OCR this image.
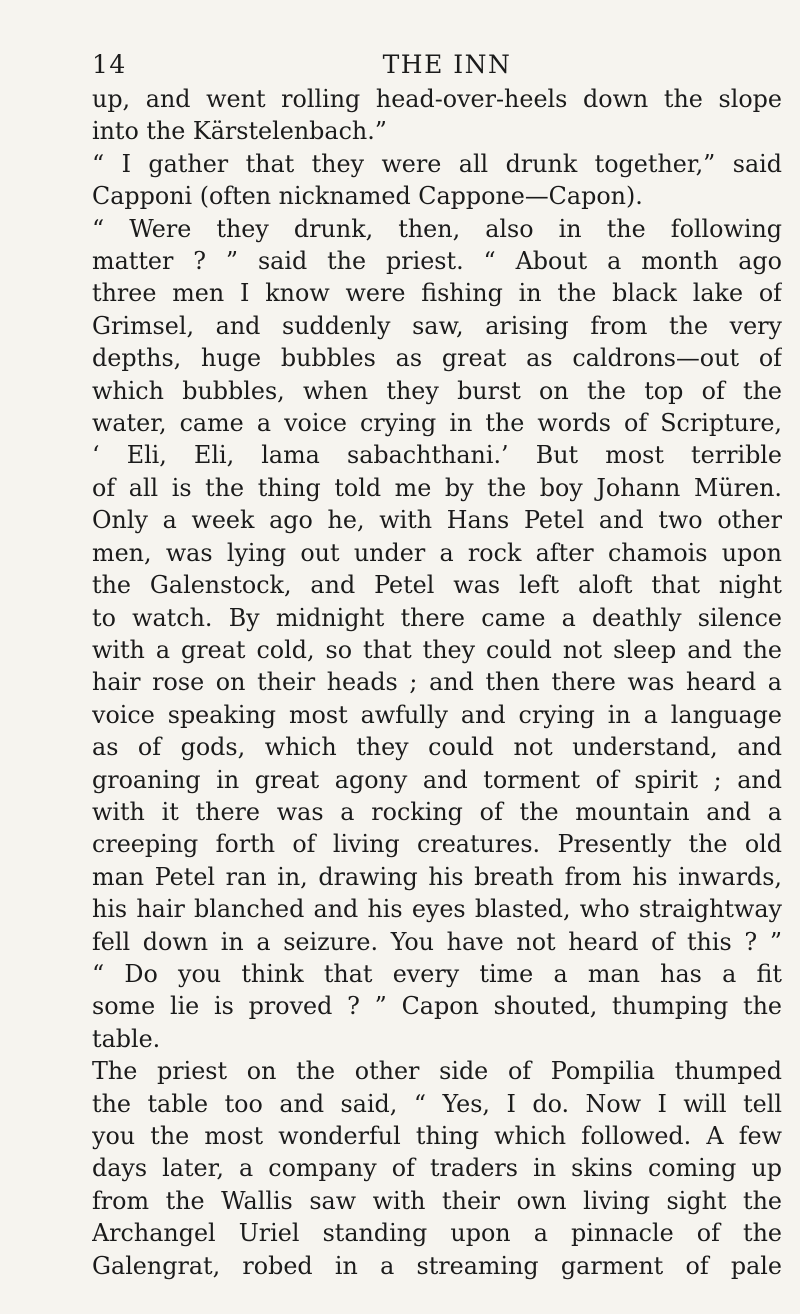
14	THE INN
up, and went rolling head-over-heels down the slope
into the Kärstelenbach.”
“ I gather that they were all drunk together,” said
Capponi (often nicknamed Cappone—Capon).
“ Were they drunk, then, also in the following
matter ? ” said the priest. “ About a month ago
three men I know were fishing in the black lake of
Grimsel, and suddenly saw, arising from the very
depths, huge bubbles as great as caldrons—out of
which bubbles, when they burst on the top of the
water, came a voice crying in the words of Scripture,
‘ Eli, Eli, lama sabachthani.’ But most terrible
of all is the thing told me by the boy Johann Müren.
Only a week ago he, with Hans Petel and two other
men, was lying out under a rock after chamois upon
the Galenstock, and Petel was left aloft that night
to watch. By midnight there came a deathly silence
with a great cold, so that they could not sleep and the
hair rose on their heads ; and then there was heard a
voice speaking most awfully and crying in a language
as of gods, which they could not understand, and
groaning in great agony and torment of spirit ; and
with it there was a rocking of the mountain and a
creeping forth of living creatures. Presently the old
man Petel ran in, drawing his breath from his inwards,
his hair blanched and his eyes blasted, who straightway
fell down in a seizure. You have not heard of this ? ”
“ Do you think that every time a man has a fit
some lie is proved ? ” Capon shouted, thumping the
table.
The priest on the other side of Pompilia thumped
the table too and said, “ Yes, I do. Now I will tell
you the most wonderful thing which followed. A few
days later, a company of traders in skins coming up
from the Wallis saw with their own living sight the
Archangel Uriel standing upon a pinnacle of the
Galengrat, robed in a streaming garment of pale
